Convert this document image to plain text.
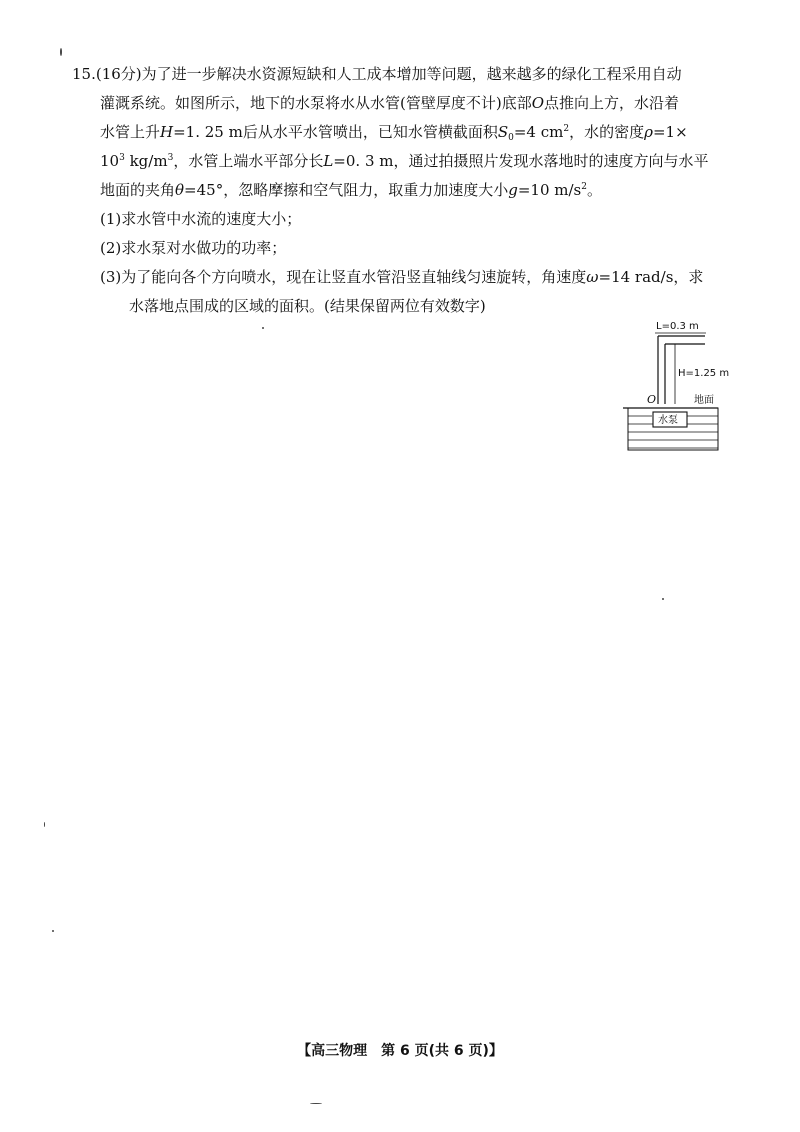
15.(16分)为了进一步解决水资源短缺和人工成本增加等问题，越来越多的绿化工程采用自动
灌溉系统。如图所示，地下的水泵将水从水管(管壁厚度不计)底部O点推向上方，水沿着
水管上升H=1. 25 m后从水平水管喷出，已知水管横截面积$S_0=4$ $cm^2$，水的密度ρ=1×
$10^3$ $kg/m^3$，水管上端水平部分长L=0. 3 m，通过拍摄照片发现水落地时的速度方向与水平
地面的夹角θ=45°，忽略摩擦和空气阻力，取重力加速度大小g=10 $m/s^2$。
(1)求水管中水流的速度大小；
(2)求水泵对水做功的功率；
(3)为了能向各个方向喷水，现在让竖直水管沿竖直轴线匀速旋转，角速度ω=14 rad/s，求
水落地点围成的区域的面积。(结果保留两位有效数字)
L=0.3 m
H=1.25 m
O	地面
水泵
【高三物理　第 6 页(共 6 页)】
